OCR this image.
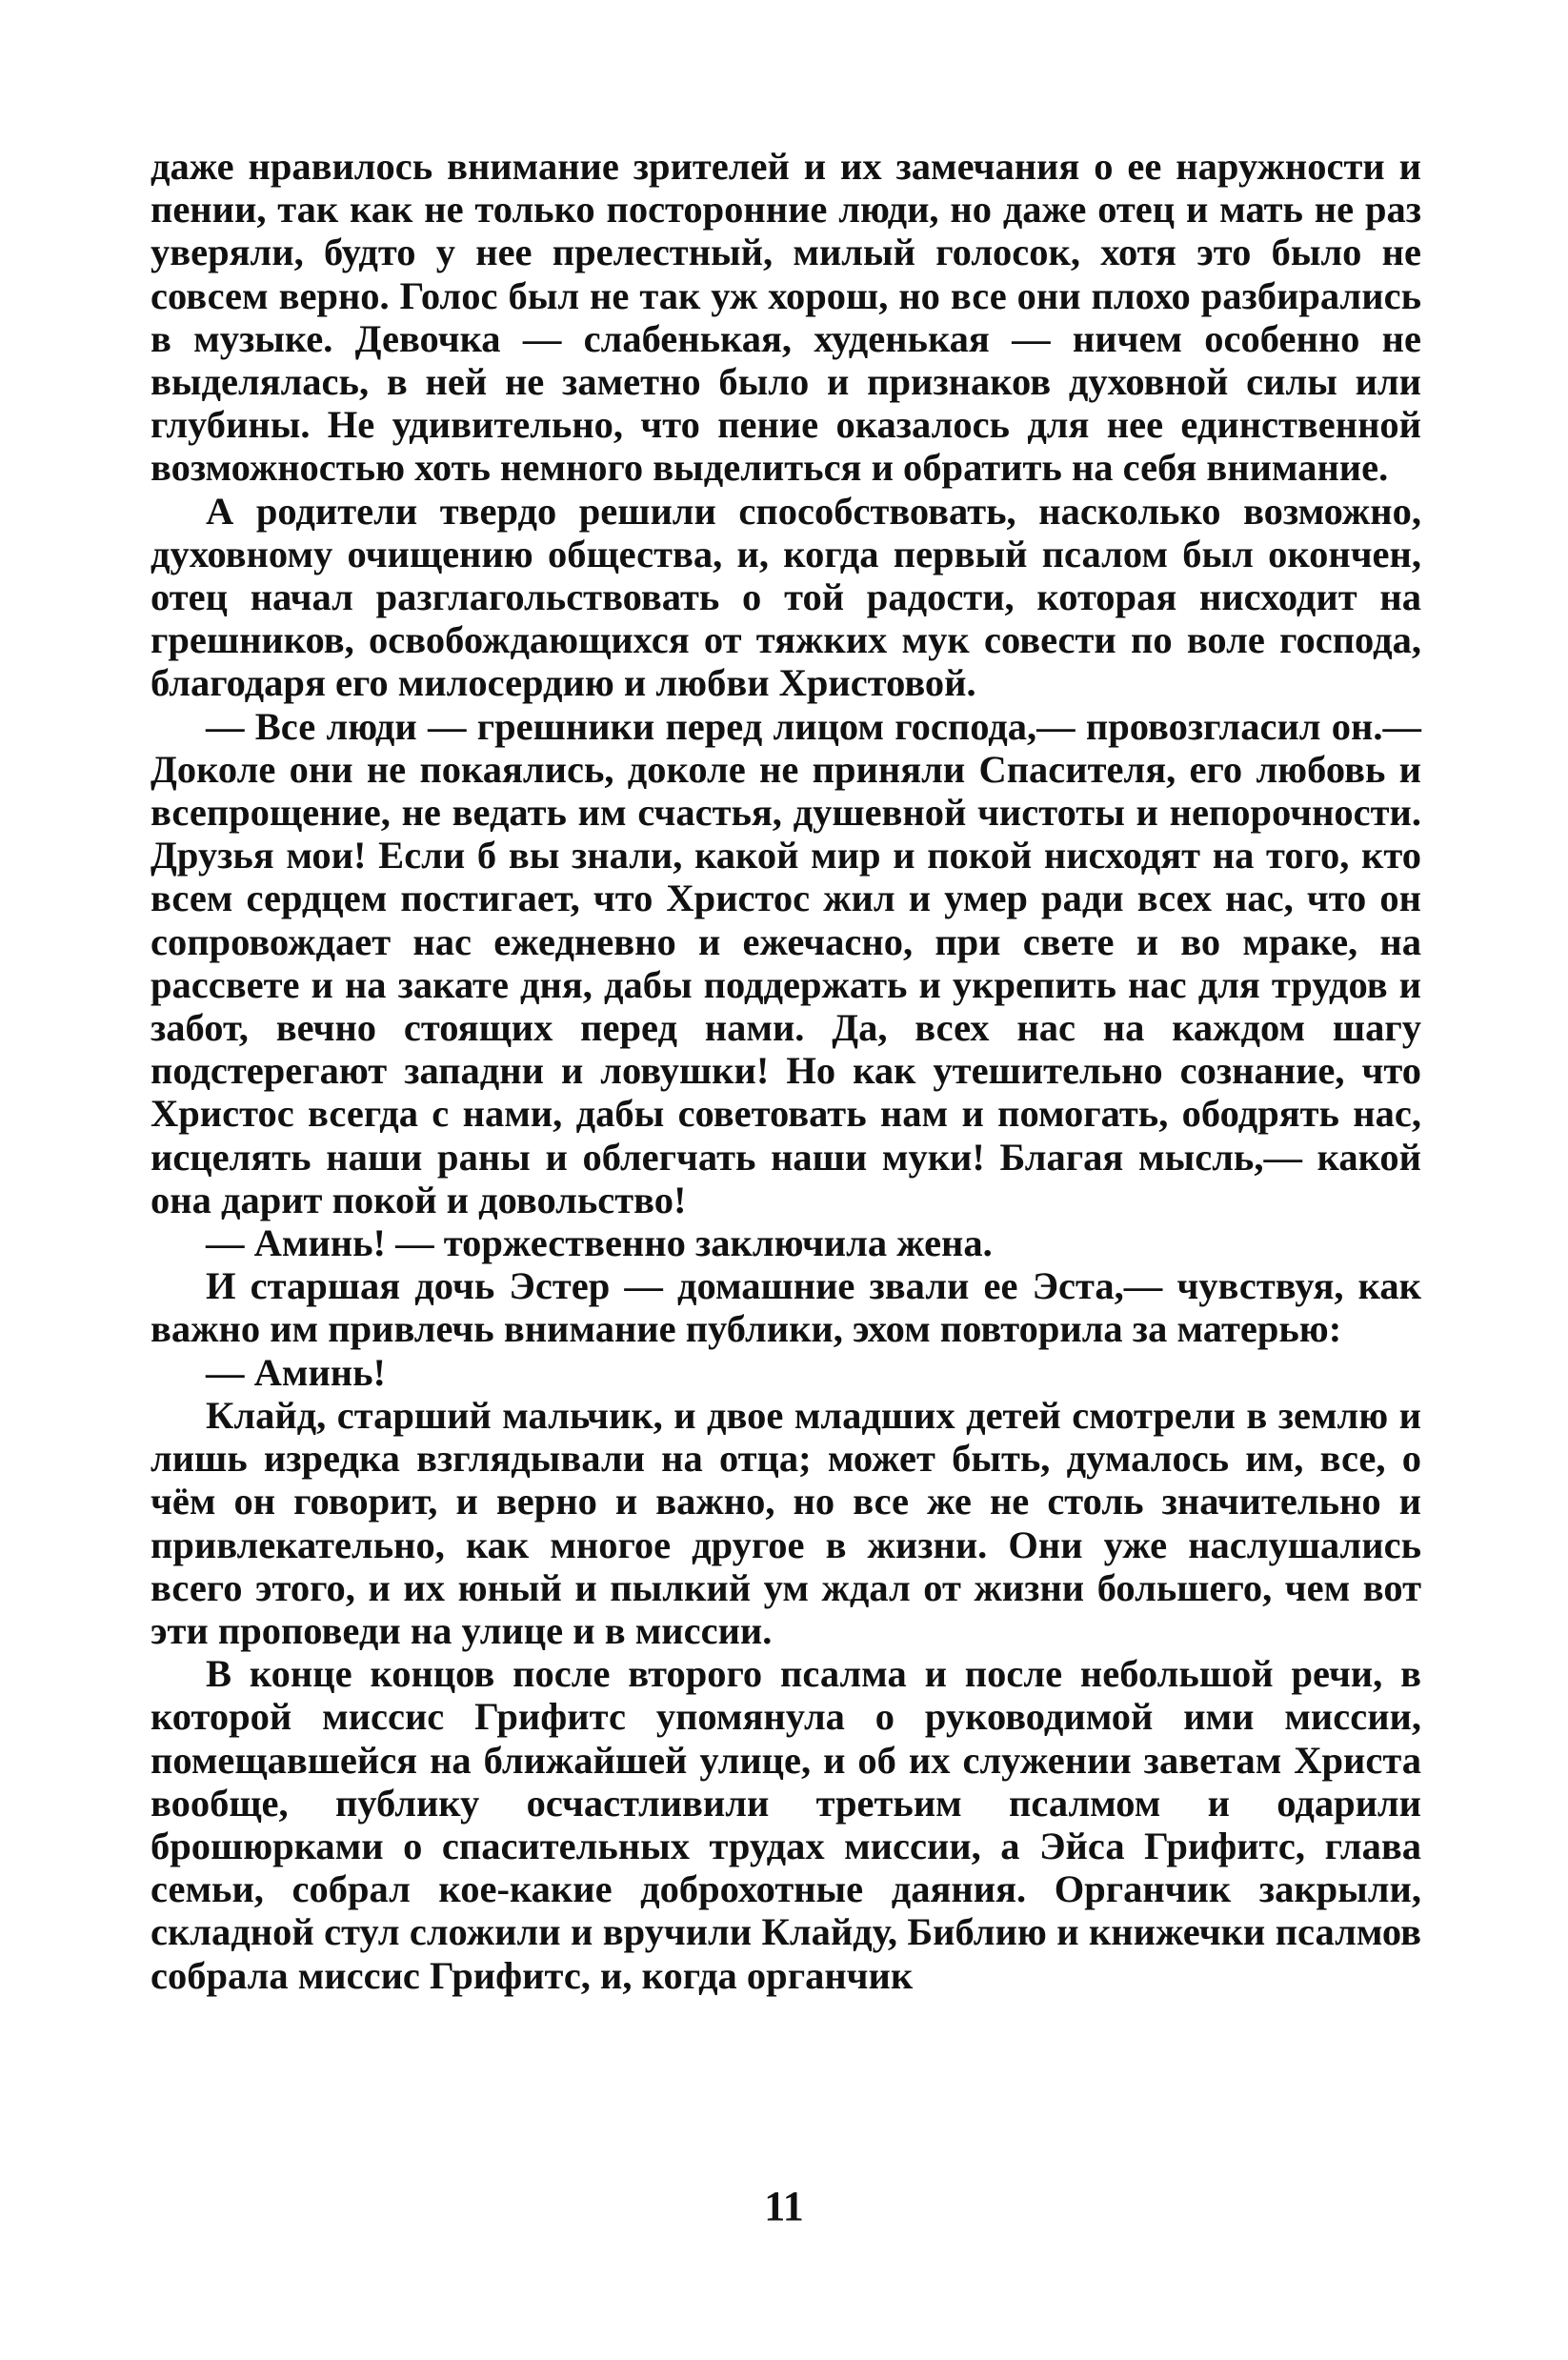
даже нравилось внимание зрителей и их замечания о ее наружности и пении, так как не только посторонние люди, но даже отец и мать не раз уверяли, будто у нее прелестный, милый голосок, хотя это было не совсем верно. Голос был не так уж хорош, но все они плохо разбирались в музыке. Девочка — слабенькая, худенькая — ничем особенно не выделялась, в ней не заметно было и признаков духовной силы или глубины. Не удивительно, что пение оказалось для нее единственной возможностью хоть немного выделиться и обратить на себя внимание.

А родители твердо решили способствовать, насколько возможно, духовному очищению общества, и, когда первый псалом был окончен, отец начал разглагольствовать о той радости, которая нисходит на грешников, освобождающихся от тяжких мук совести по воле господа, благодаря его милосердию и любви Христовой.

— Все люди — грешники перед лицом господа,— провозгласил он.— Доколе они не покаялись, доколе не приняли Спасителя, его любовь и всепрощение, не ведать им счастья, душевной чистоты и непорочности. Друзья мои! Если б вы знали, какой мир и покой нисходят на того, кто всем сердцем постигает, что Христос жил и умер ради всех нас, что он сопровождает нас ежедневно и ежечасно, при свете и во мраке, на рассвете и на закате дня, дабы поддержать и укрепить нас для трудов и забот, вечно стоящих перед нами. Да, всех нас на каждом шагу подстерегают западни и ловушки! Но как утешительно сознание, что Христос всегда с нами, дабы советовать нам и помогать, ободрять нас, исцелять наши раны и облегчать наши муки! Благая мысль,— какой она дарит покой и довольство!

— Аминь! — торжественно заключила жена.

И старшая дочь Эстер — домашние звали ее Эста,— чувствуя, как важно им привлечь внимание публики, эхом повторила за матерью:

— Аминь!

Клайд, старший мальчик, и двое младших детей смотрели в землю и лишь изредка взглядывали на отца; может быть, думалось им, все, о чём он говорит, и верно и важно, но все же не столь значительно и привлекательно, как многое другое в жизни. Они уже наслушались всего этого, и их юный и пылкий ум ждал от жизни большего, чем вот эти проповеди на улице и в миссии.

В конце концов после второго псалма и после небольшой речи, в которой миссис Грифитс упомянула о руководимой ими миссии, помещавшейся на ближайшей улице, и об их служении заветам Христа вообще, публику осчастливили третьим псалмом и одарили брошюрками о спасительных трудах миссии, а Эйса Грифитс, глава семьи, собрал кое-какие доброхотные даяния. Органчик закрыли, складной стул сложили и вручили Клайду, Библию и книжечки псалмов собрала миссис Грифитс, и, когда органчик

11
